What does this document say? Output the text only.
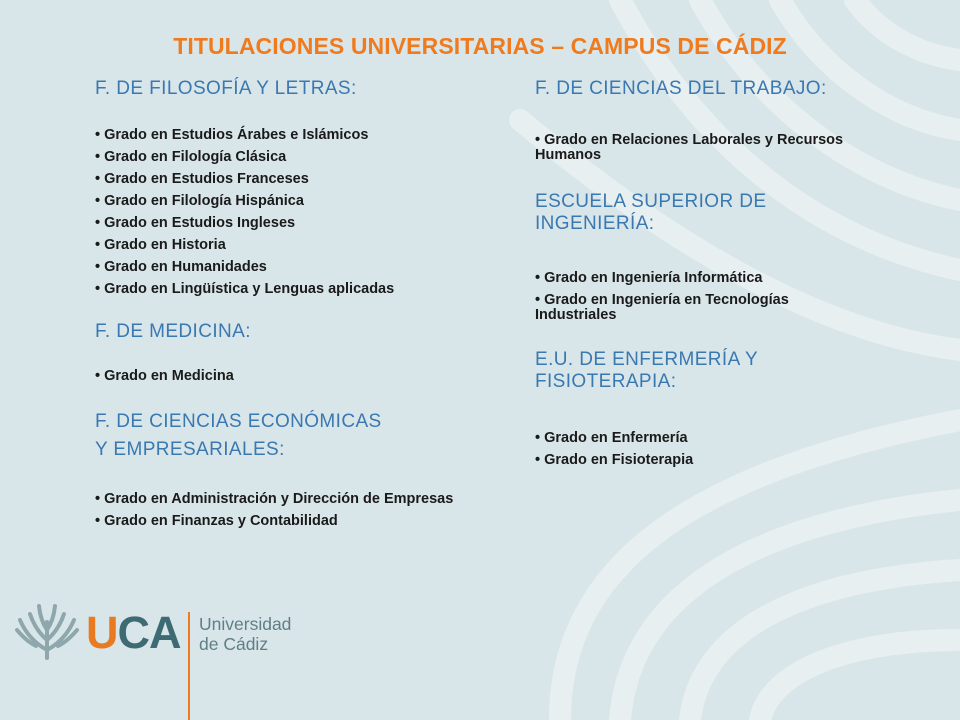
TITULACIONES UNIVERSITARIAS – CAMPUS DE CÁDIZ

F. DE FILOSOFÍA Y LETRAS:

• Grado en Estudios Árabes e Islámicos

• Grado en Filología Clásica

• Grado en Estudios Franceses

• Grado en Filología Hispánica

• Grado en Estudios Ingleses

• Grado en Historia

• Grado en Humanidades

• Grado en Lingüística y Lenguas aplicadas

F. DE MEDICINA:

• Grado en Medicina

F. DE CIENCIAS ECONÓMICAS

Y EMPRESARIALES:

• Grado en Administración y Dirección de Empresas

• Grado en Finanzas y Contabilidad

F. DE CIENCIAS DEL TRABAJO:

• Grado en Relaciones Laborales y Recursos Humanos

ESCUELA SUPERIOR DE INGENIERÍA:

• Grado en Ingeniería Informática

• Grado en Ingeniería en Tecnologías Industriales

E.U. DE ENFERMERÍA Y FISIOTERAPIA:

• Grado en Enfermería

• Grado en Fisioterapia

UCA Universidad
de Cádiz
